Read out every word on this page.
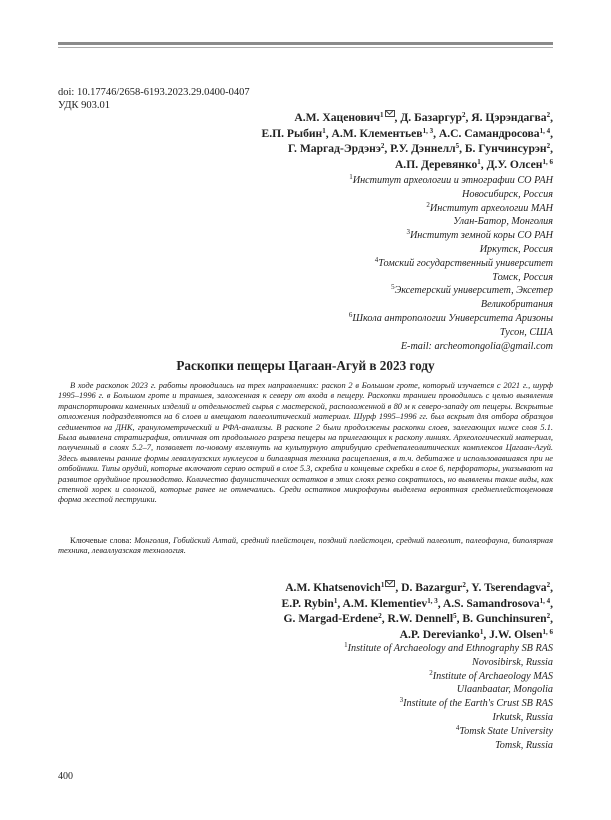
doi: 10.17746/2658-6193.2023.29.0400-0407
УДК 903.01
А.М. Хаценович$^1$ , Д. Базаргур$^2$, Я. Цэрэндагва$^2$,
Е.П. Рыбин$^1$, А.М. Клементьев$^{1, 3}$, А.С. Самандросова$^{1, 4}$,
Г. Маргад-Эрдэнэ$^2$, Р.У. Дэннелл$^5$, Б. Гунчинсурэн$^2$,
А.П. Деревянко$^1$, Д.У. Олсен$^{1, 6}$
$^1$Институт археологии и этнографии СО РАН
Новосибирск, Россия
$^2$Институт археологии МАН
Улан-Батор, Монголия
$^3$Институт земной коры СО РАН
Иркутск, Россия
$^4$Томский государственный университет
Томск, Россия
$^5$Эксетерский университет, Эксетер
Великобритания
$^6$Школа антропологии Университета Аризоны
Тусон, США
E-mail: archeomongolia@gmail.com
Раскопки пещеры Цагаан-Агуй в 2023 году

В ходе раскопок 2023 г. работы проводились на трех направлениях: раскоп 2 в Большом гроте, который изучается с 2021 г., шурф 1995–1996 г. в Большом гроте и траншея, заложенная к северу от входа в пещеру. Раскопки траншеи проводились с целью выявления транспортировки каменных изделий и отдельностей сырья с мастерской, расположенной в 80 м к северо-западу от пещеры. Вскрытые отложения подразделяются на 6 слоев и вмещают палеолитический материал. Шурф 1995–1996 гг. был вскрыт для отбора образцов седиментов на ДНК, гранулометрический и РФА-анализы. В раскопе 2 были продолжены раскопки слоев, залегающих ниже слоя 5.1. Была выявлена стратиграфия, отличная от продольного разреза пещеры на прилегающих к раскопу линиях. Археологический материал, полученный в слоях 5.2–7, позволяет по-новому взглянуть на культурную атрибуцию среднепалеолитических комплексов Цагаан-Агуй. Здесь выявлены ранние формы леваллуазских нуклеусов и бипалярная техника расщепления, в т.ч. дебитаже и использовавшаяся при не отбойники. Типы орудий, которые включают серию острий в слое 5.3, скребла и концевые скребки в слое 6, перфораторы, указывают на развитое орудийное производство. Количество фаунистических остатков в этих слоях резко сократилось, но выявлены такие виды, как степной хорек и солонгой, которые ранее не отмечались. Среди остатков микрофауны выделена вероятная среднеплейстоценовая форма жестой пеструшки.

Ключевые слова: Монголия, Гобийский Алтай, средний плейстоцен, поздний плейстоцен, средний палеолит, палеофауна, биполярная техника, леваллуазская технология.

A.M. Khatsenovich$^1$ , D. Bazargur$^2$, Y. Tserendagva$^2$,
E.P. Rybin$^1$, A.M. Klementiev$^{1, 3}$, A.S. Samandrosova$^{1, 4}$,
G. Margad-Erdene$^2$, R.W. Dennell$^5$, B. Gunchinsuren$^2$,
A.P. Derevianko$^1$, J.W. Olsen$^{1, 6}$
$^1$Institute of Archaeology and Ethnography SB RAS
Novosibirsk, Russia
$^2$Institute of Archaeology MAS
Ulaanbaatar, Mongolia
$^3$Institute of the Earth's Crust SB RAS
Irkutsk, Russia
$^4$Tomsk State University
Tomsk, Russia
400
